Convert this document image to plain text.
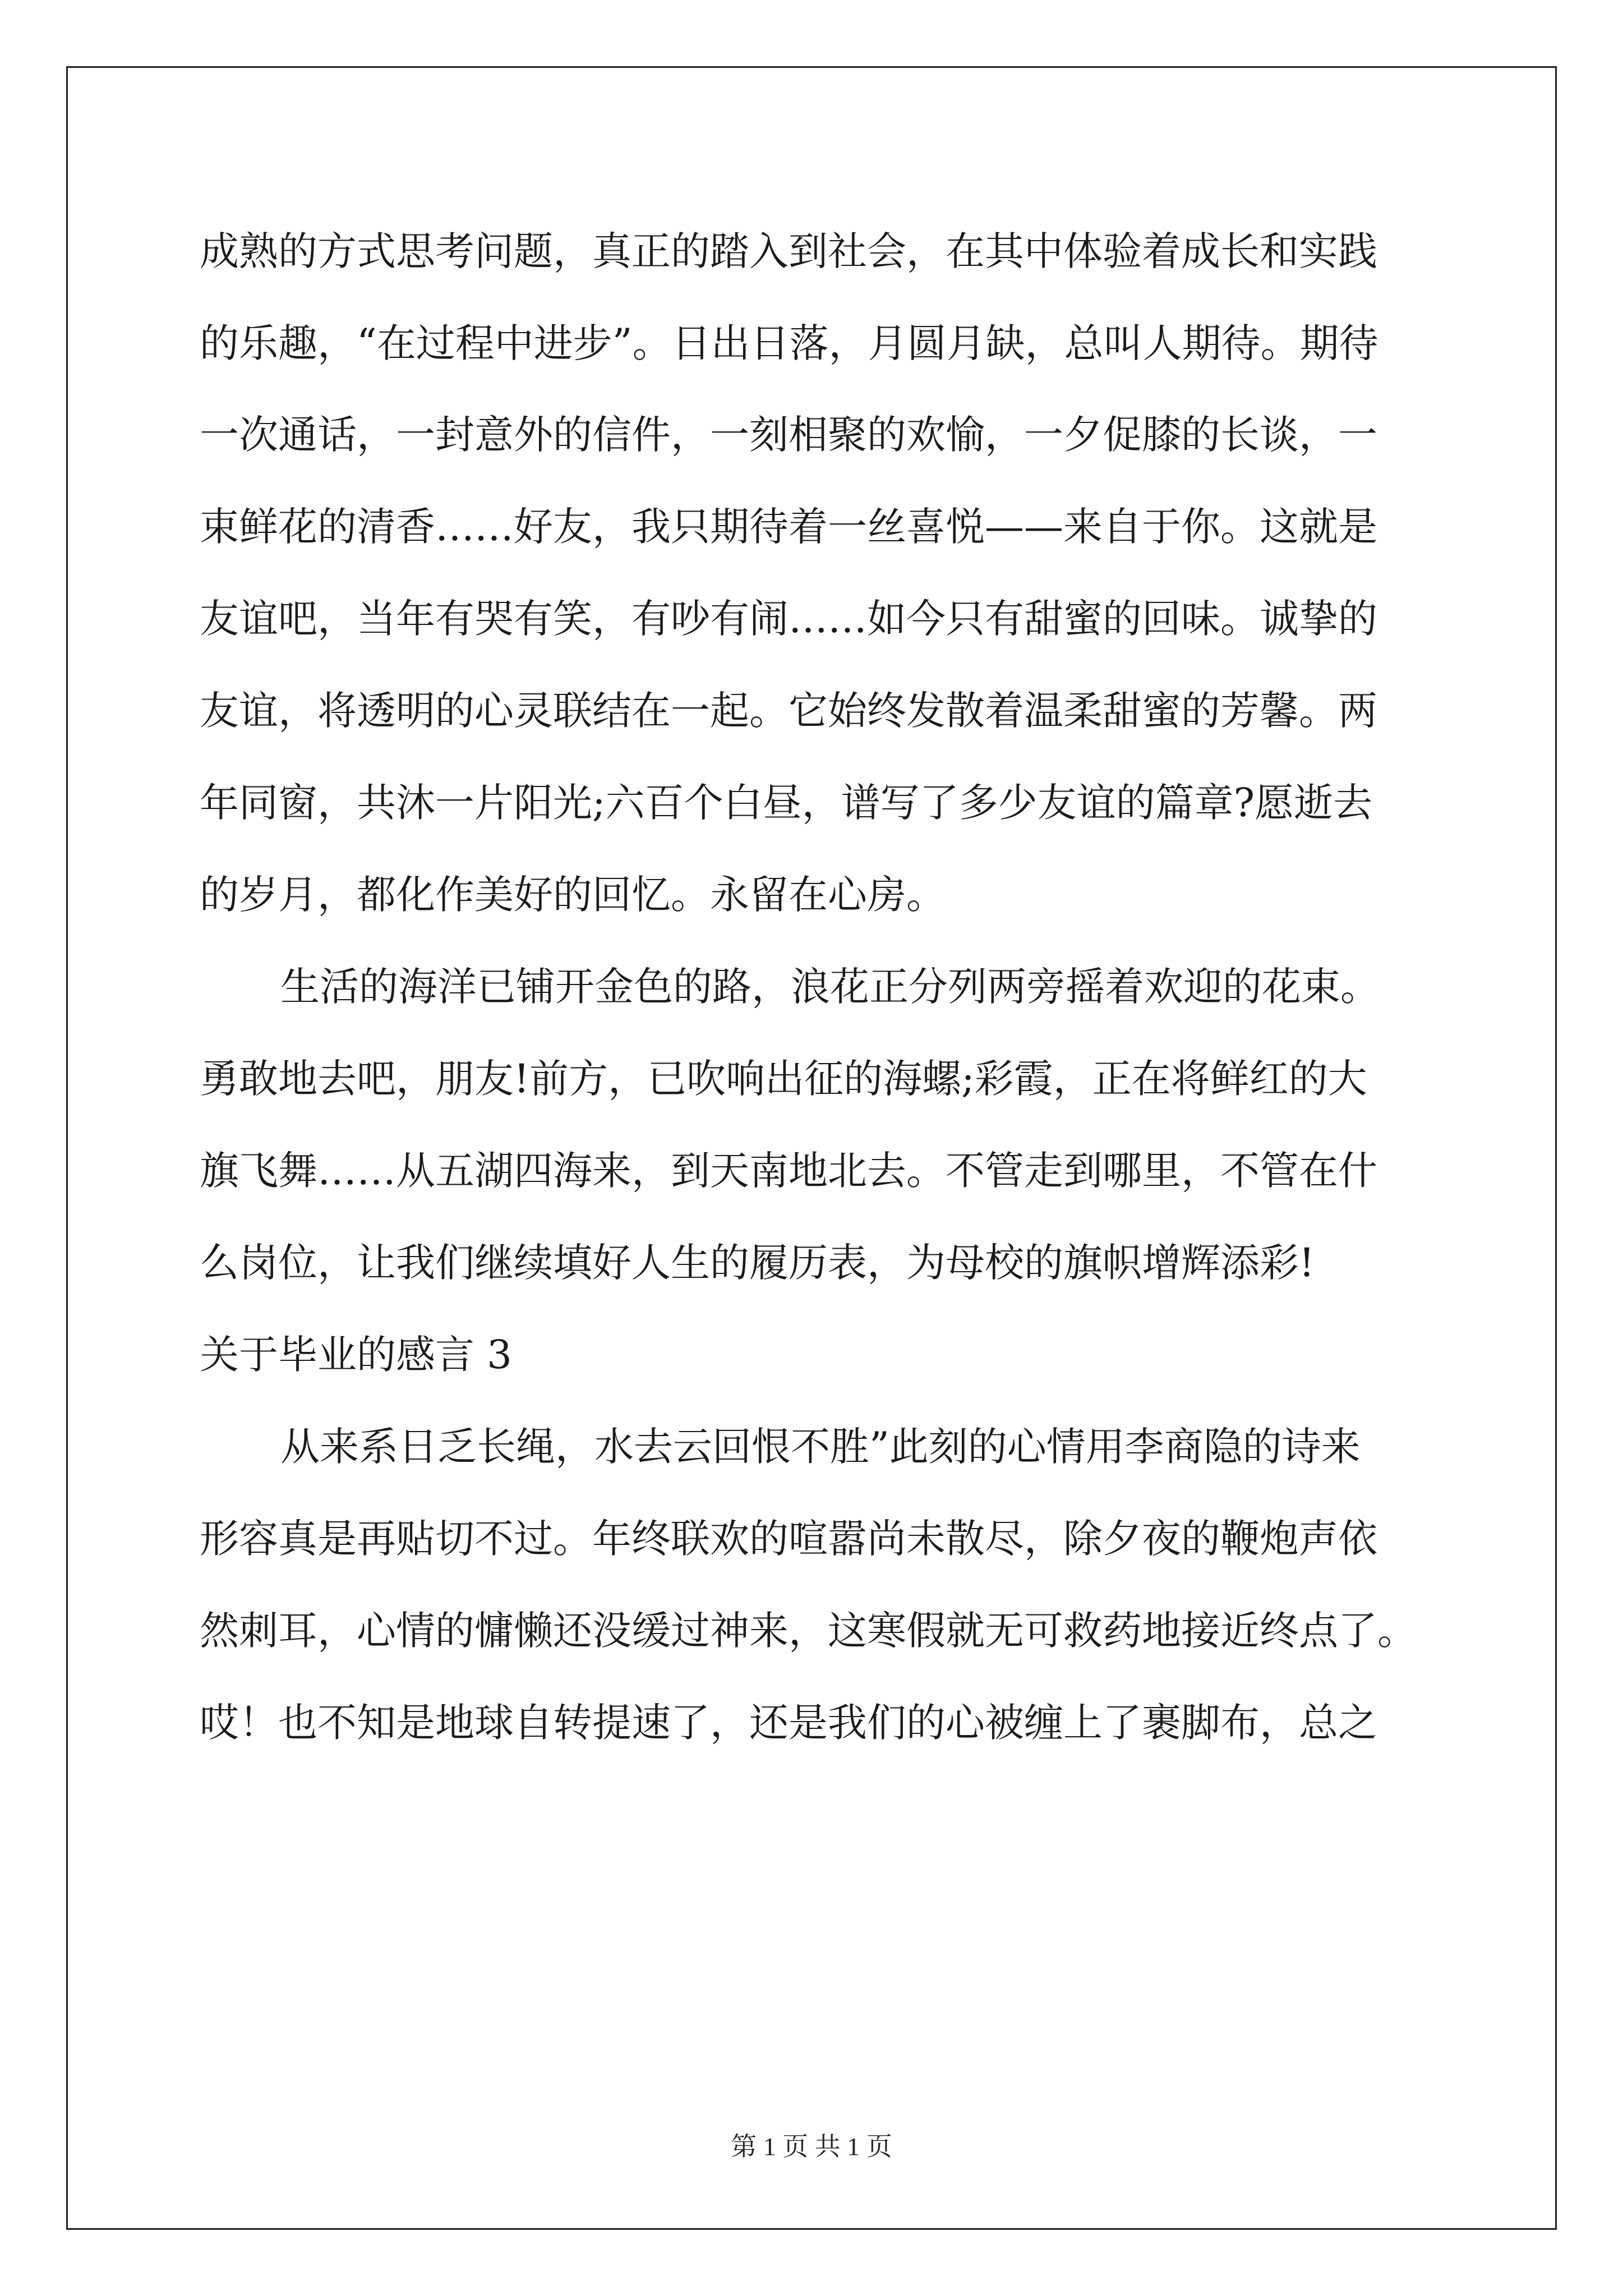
成熟的方式思考问题，真正的踏入到社会，在其中体验着成长和实践
的乐趣，“在过程中进步”。日出日落，月圆月缺，总叫人期待。期待
一次通话，一封意外的信件，一刻相聚的欢愉，一夕促膝的长谈，一
束鲜花的清香……好友，我只期待着一丝喜悦——来自于你。这就是
友谊吧，当年有哭有笑，有吵有闹……如今只有甜蜜的回味。诚挚的
友谊，将透明的心灵联结在一起。它始终发散着温柔甜蜜的芳馨。两
年同窗，共沐一片阳光;六百个白昼，谱写了多少友谊的篇章?愿逝去
的岁月，都化作美好的回忆。永留在心房。
生活的海洋已铺开金色的路，浪花正分列两旁摇着欢迎的花束。
勇敢地去吧，朋友!前方，已吹响出征的海螺;彩霞，正在将鲜红的大
旗飞舞……从五湖四海来，到天南地北去。不管走到哪里，不管在什
么岗位，让我们继续填好人生的履历表，为母校的旗帜增辉添彩!
关于毕业的感言 3
从来系日乏长绳，水去云回恨不胜”此刻的心情用李商隐的诗来
形容真是再贴切不过。年终联欢的喧嚣尚未散尽，除夕夜的鞭炮声依
然刺耳，心情的慵懒还没缓过神来，这寒假就无可救药地接近终点了。
哎！也不知是地球自转提速了，还是我们的心被缠上了裹脚布，总之
第 1 页 共 1 页
